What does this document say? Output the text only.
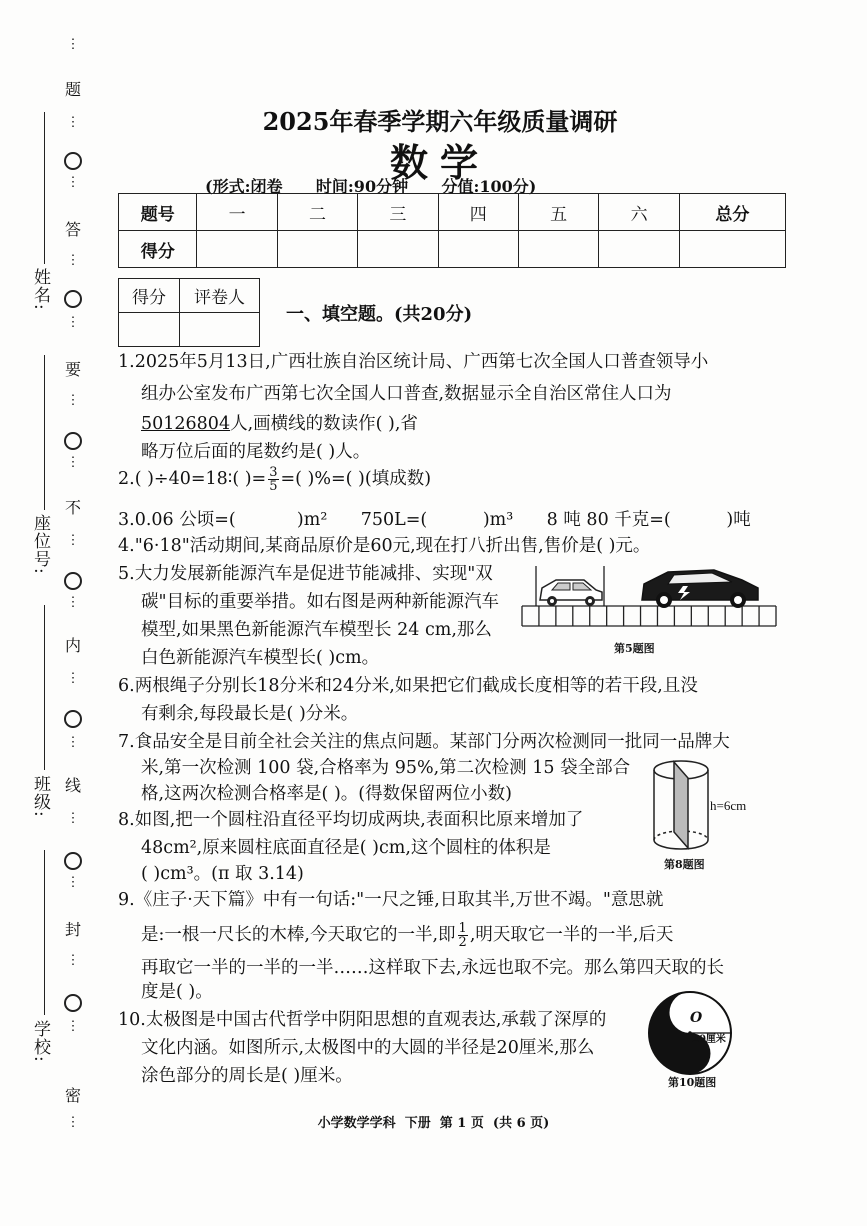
姓名:
座位号:
班级:
学校:
⋮
题
⋮
⋮
答
⋮
⋮
要
⋮
⋮
不
⋮
⋮
内
⋮
⋮
线
⋮
⋮
封
⋮
⋮
密
⋮
2025年春季学期六年级质量调研
数学
(形式:闭卷      时间:90分钟      分值:100分)
题号	一	二	三	四	五	六	总分
得分							
得分	评卷人

一、填空题。(共20分)
1.2025年5月13日,广西壮族自治区统计局、广西第七次全国人口普查领导小
组办公室发布广西第七次全国人口普查,数据显示全自治区常住人口为
50126804人,画横线的数读作( ),省
略万位后面的尾数约是( )人。
2.( )÷40=18∶( )= $\frac{3}{5}$ =( )%=( )(填成数)
3.0.06 公顷=(           )m²      750L=(          )m³      8 吨 80 千克=(          )吨
4."6·18"活动期间,某商品原价是60元,现在打八折出售,售价是( )元。
5.大力发展新能源汽车是促进节能减排、实现"双
碳"目标的重要举措。如右图是两种新能源汽车
模型,如果黑色新能源汽车模型长 24 cm,那么
白色新能源汽车模型长( )cm。	第5题图
6.两根绳子分别长18分米和24分米,如果把它们截成长度相等的若干段,且没
有剩余,每段最长是( )分米。
7.食品安全是目前全社会关注的焦点问题。某部门分两次检测同一批同一品牌大
米,第一次检测 100 袋,合格率为 95%,第二次检测 15 袋全部合
格,这两次检测合格率是( )。(得数保留两位小数)
8.如图,把一个圆柱沿直径平均切成两块,表面积比原来增加了
48cm²,原来圆柱底面直径是( )cm,这个圆柱的体积是
( )cm³。(π 取 3.14)
h=6cm
第8题图
9.《庄子·天下篇》中有一句话:"一尺之锤,日取其半,万世不竭。"意思就
是:一根一尺长的木棒,今天取它的一半,即 $\frac{1}{2}$ ,明天取它一半的一半,后天
再取它一半的一半的一半……这样取下去,永远也取不完。那么第四天取的长
度是( )。
10.太极图是中国古代哲学中阴阳思想的直观表达,承载了深厚的
文化内涵。如图所示,太极图中的大圆的半径是20厘米,那么
涂色部分的周长是( )厘米。
O
20厘米
第10题图
小学数学学科  下册  第 1 页  (共 6 页)
